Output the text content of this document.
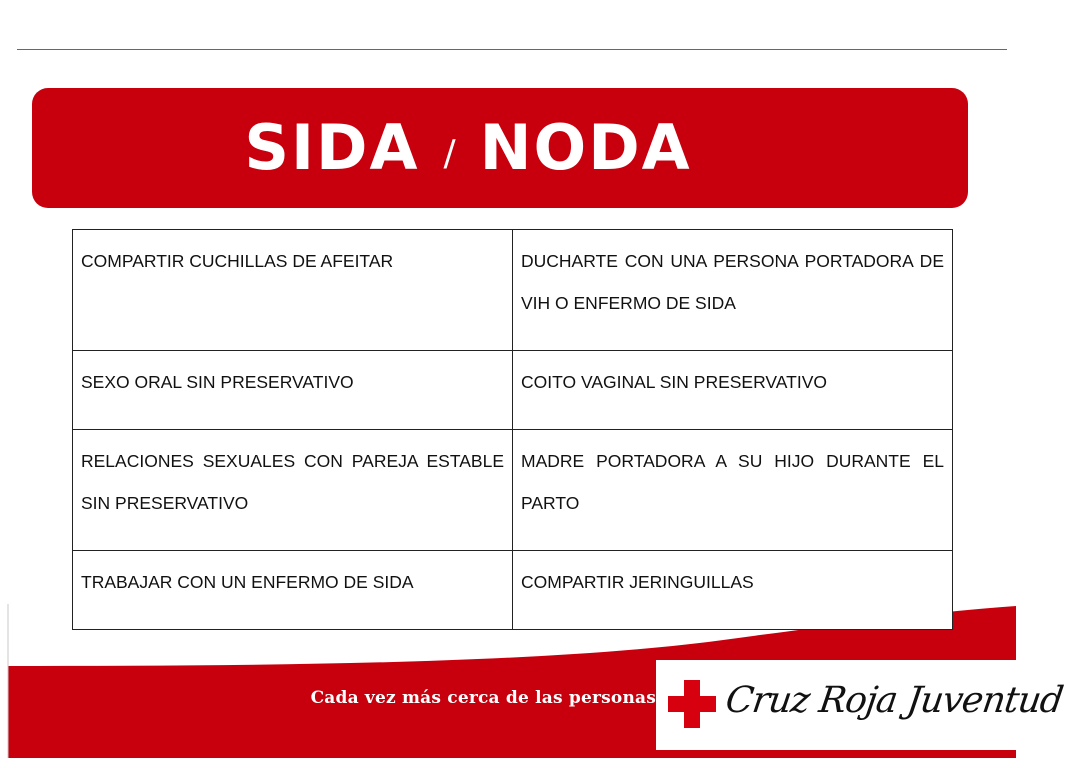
SIDA / NODA
Cada vez más cerca de las personas Cruz Roja Juventud
COMPARTIR CUCHILLAS DE AFEITAR	DUCHARTE CON UNA PERSONA PORTADORA DE VIH O ENFERMO DE SIDA
SEXO ORAL SIN PRESERVATIVO	COITO VAGINAL SIN PRESERVATIVO
RELACIONES SEXUALES CON PAREJA ESTABLE SIN PRESERVATIVO	MADRE PORTADORA A SU HIJO DURANTE EL PARTO
TRABAJAR CON UN ENFERMO DE SIDA	COMPARTIR JERINGUILLAS
